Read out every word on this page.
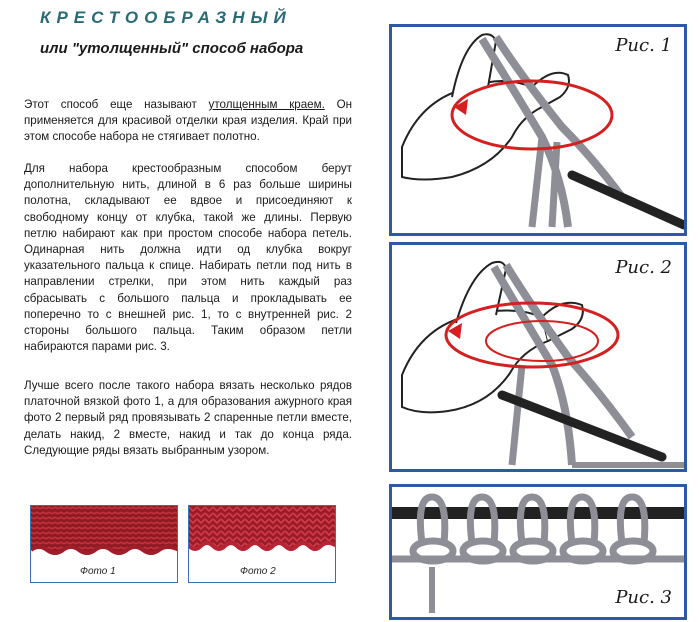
КРЕСТООБРАЗНЫЙ
или "утолщенный" способ набора

Этот способ еще называют утолщенным краем. Он применяется для красивой отделки края изделия. Край при этом способе набора не стягивает полотно.

Для набора крестообразным способом берут дополнительную нить, длиной в 6 раз больше ширины полотна, складывают ее вдвое и присоединяют к свободному концу от клубка, такой же длины. Первую петлю набирают как при простом способе набора петель. Одинарная нить должна идти од клубка вокруг указательного пальца к спице. Набирать петли под нить в направлении стрелки, при этом нить каждый раз сбрасывать с большого пальца и прокладывать ее поперечно то с внешней рис. 1, то с внутренней рис. 2 стороны большого пальца. Таким образом петли набираются парами рис. 3.

Лучше всего после такого набора вязать несколько рядов платочной вязкой фото 1, а для образования ажурного края фото 2 первый ряд провязывать 2 спаренные петли вместе, делать накид, 2 вместе, накид и так до конца ряда. Следующие ряды вязать выбранным узором.

Фото 1	Фото 2
Рис. 1
Рис. 2
Рис. 3
